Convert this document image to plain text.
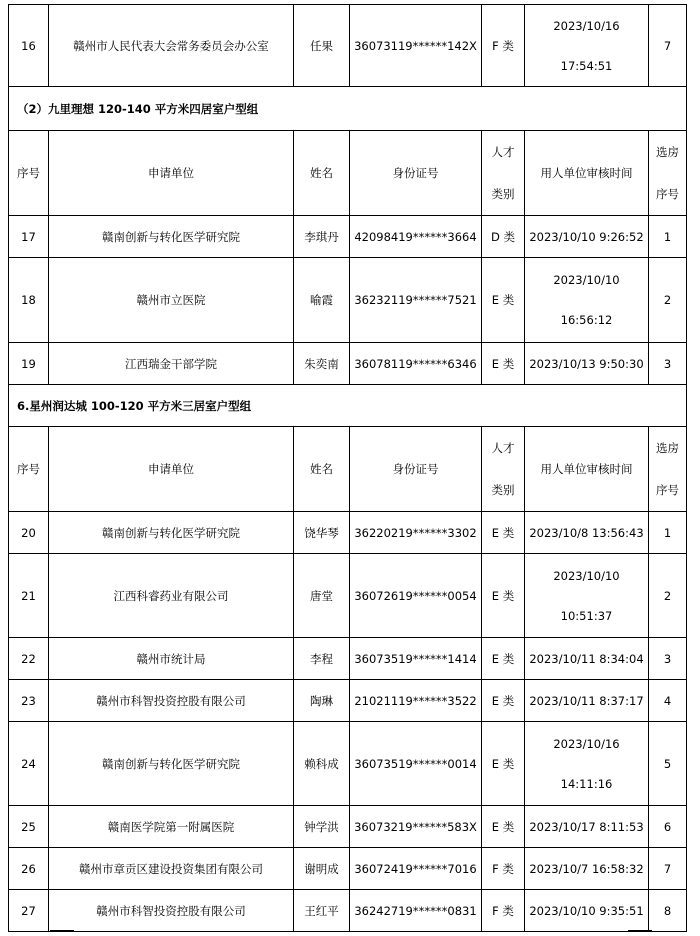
16	赣州市人民代表大会常务委员会办公室	任果	36073119******142X	F 类	2023/10/16
17:54:51	7
（2）九里理想 120-140 平方米四居室户型组						
序号	申请单位	姓名	身份证号	人才
类别	用人单位审核时间	选房
序号

17	赣南创新与转化医学研究院	李琪丹	42098419******3664	D 类	2023/10/10 9:26:52	1
18	赣州市立医院	喻霞	36232119******7521	E 类	2023/10/10
16:56:12	2
19	江西瑞金干部学院	朱奕南	36078119******6346	E 类	2023/10/13 9:50:30	3
6.星州润达城 100-120 平方米三居室户型组						
序号	申请单位	姓名	身份证号	人才
类别	用人单位审核时间	选房
序号

20	赣南创新与转化医学研究院	饶华琴	36220219******3302	E 类	2023/10/8 13:56:43	1
21	江西科睿药业有限公司	唐堂	36072619******0054	E 类	2023/10/10
10:51:37	2
22	赣州市统计局	李程	36073519******1414	E 类	2023/10/11 8:34:04	3
23	赣州市科智投资控股有限公司	陶琳	21021119******3522	E 类	2023/10/11 8:37:17	4
24	赣南创新与转化医学研究院	赖科成	36073519******0014	E 类	2023/10/16
14:11:16	5
25	赣南医学院第一附属医院	钟学洪	36073219******583X	E 类	2023/10/17 8:11:53	6
26	赣州市章贡区建设投资集团有限公司	谢明成	36072419******7016	F 类	2023/10/7 16:58:32	7
27	赣州市科智投资控股有限公司	王红平	36242719******0831	F 类	2023/10/10 9:35:51	8
